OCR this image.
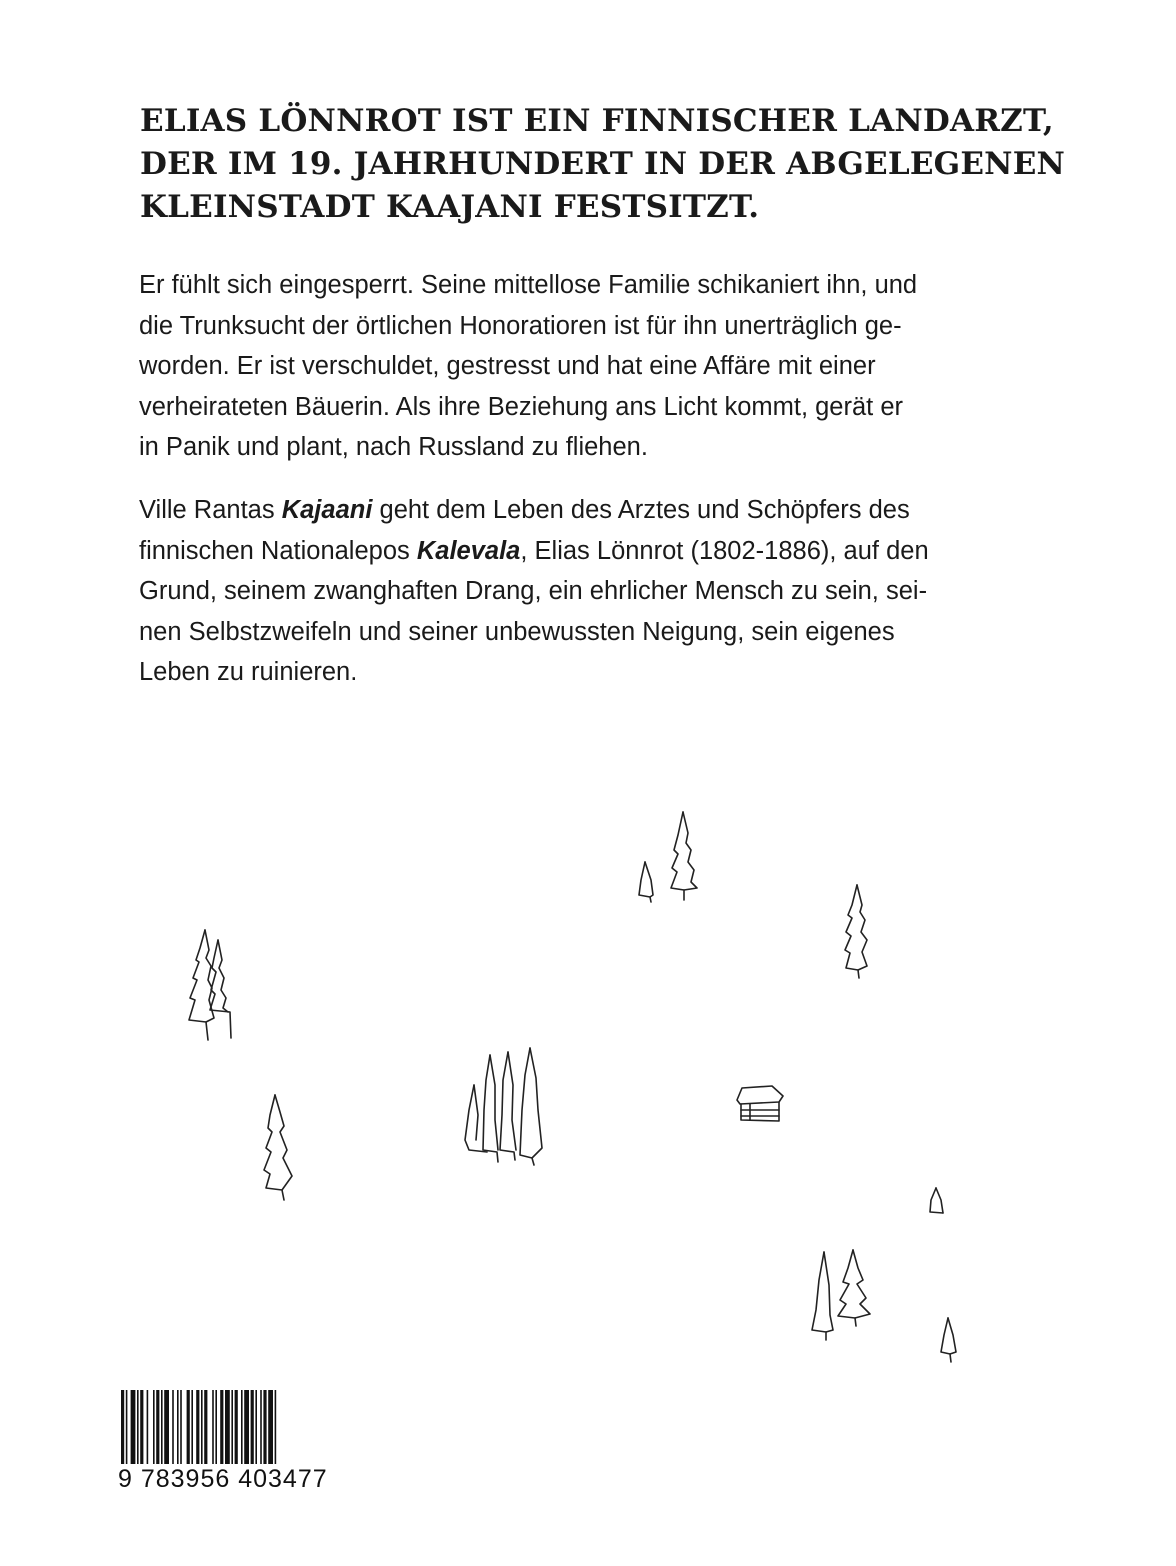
ELIAS LÖNNROT IST EIN FINNISCHER LANDARZT,
DER IM 19. JAHRHUNDERT IN DER ABGELEGENEN
KLEINSTADT KAAJANI FESTSITZT.

Er fühlt sich eingesperrt. Seine mittellose Familie schikaniert ihn, und
die Trunksucht der örtlichen Honoratioren ist für ihn unerträglich ge-
worden. Er ist verschuldet, gestresst und hat eine Affäre mit einer
verheirateten Bäuerin. Als ihre Beziehung ans Licht kommt, gerät er
in Panik und plant, nach Russland zu fliehen.

Ville Rantas Kajaani geht dem Leben des Arztes und Schöpfers des
finnischen Nationalepos Kalevala, Elias Lönnrot (1802-1886), auf den
Grund, seinem zwanghaften Drang, ein ehrlicher Mensch zu sein, sei-
nen Selbstzweifeln und seiner unbewussten Neigung, sein eigenes
Leben zu ruinieren.

9 783956 403477
